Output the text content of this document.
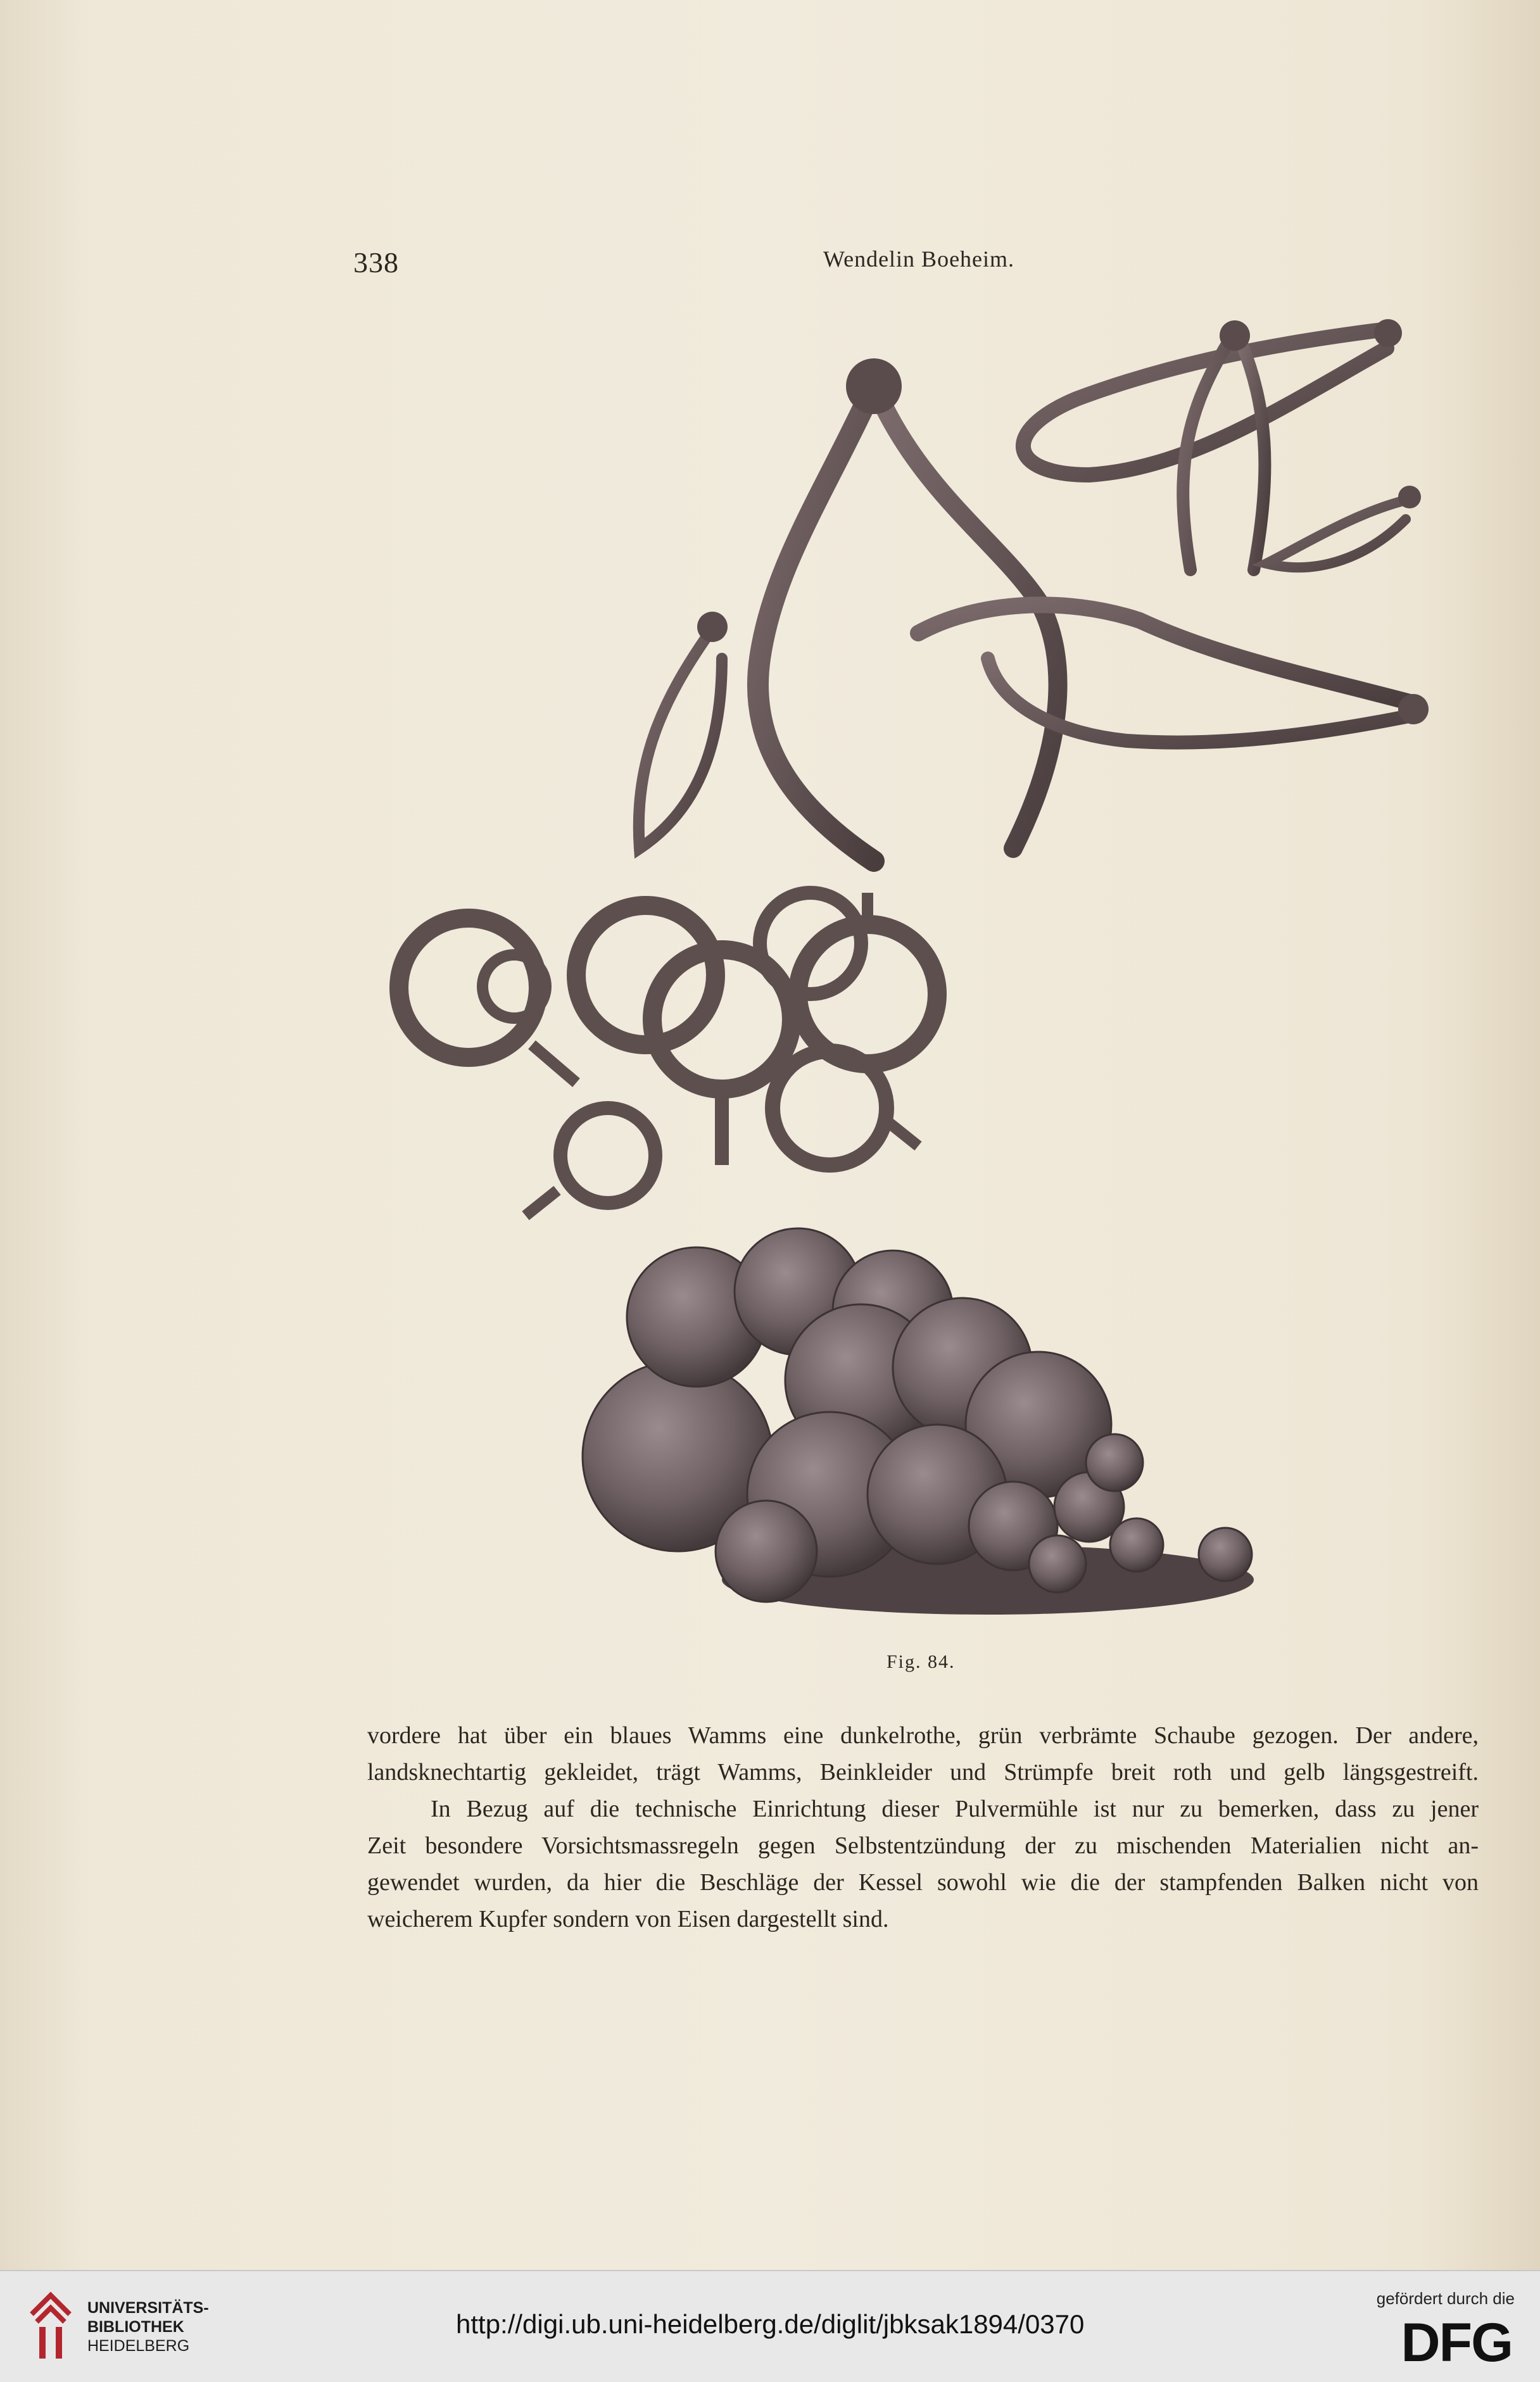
338	Wendelin Boeheim.
Fig. 84.

vordere hat über ein blaues Wamms eine dunkelrothe, grün verbrämte Schaube gezogen. Der andere,

landsknechtartig gekleidet, trägt Wamms, Beinkleider und Strümpfe breit roth und gelb längsgestreift.

In Bezug auf die technische Einrichtung dieser Pulvermühle ist nur zu bemerken, dass zu jener

Zeit besondere Vorsichtsmassregeln gegen Selbstentzündung der zu mischenden Materialien nicht an-

gewendet wurden, da hier die Beschläge der Kessel sowohl wie die der stampfenden Balken nicht von

weicherem Kupfer sondern von Eisen dargestellt sind.

UNIVERSITÄTS-
BIBLIOTHEK
HEIDELBERG
http://digi.ub.uni-heidelberg.de/diglit/jbksak1894/0370
gefördert durch die
DFG
